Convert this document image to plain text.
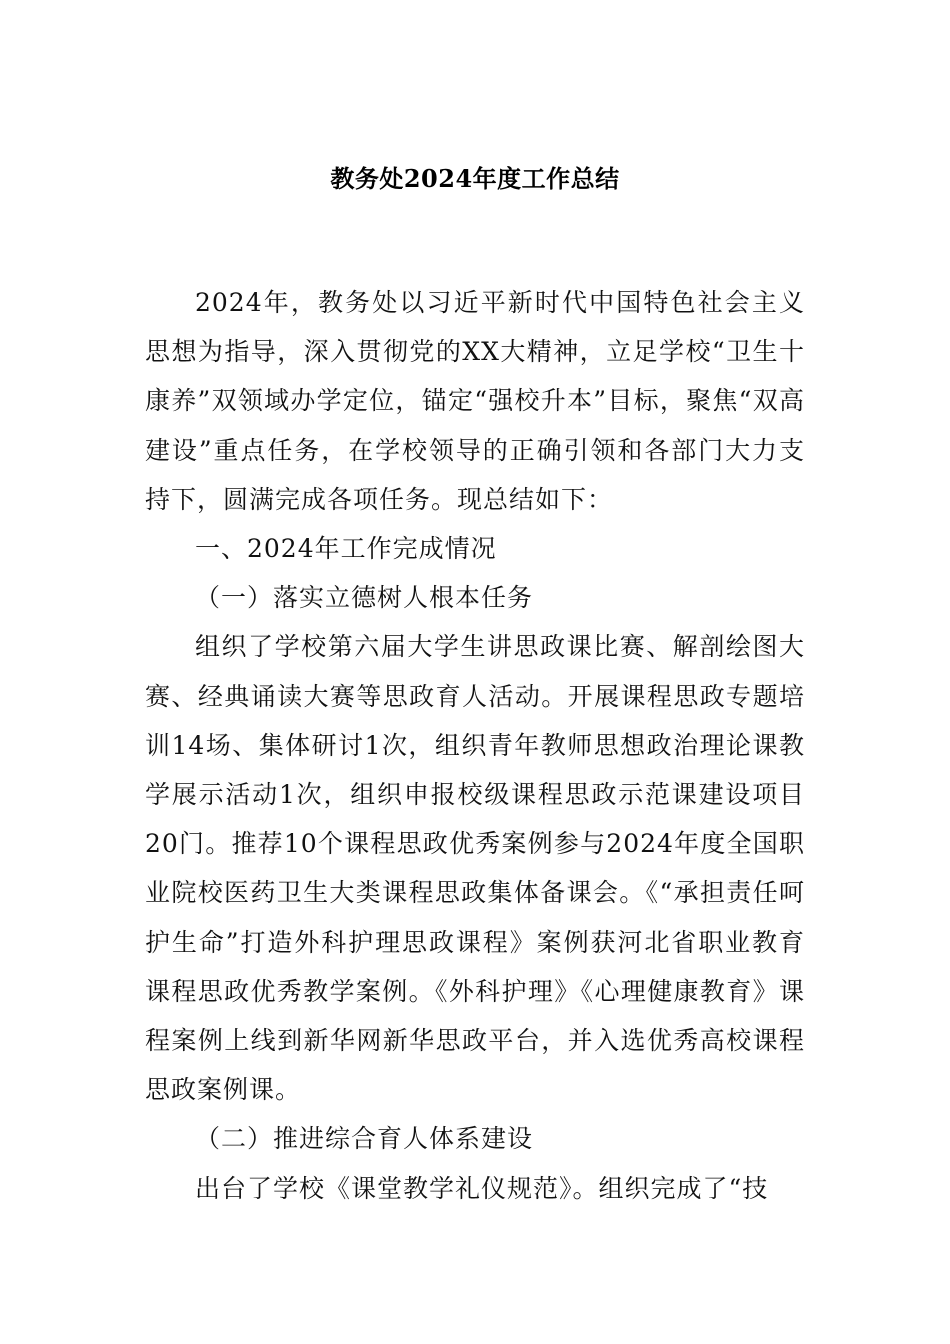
教务处2024年度工作总结

2024年，教务处以习近平新时代中国特色社会主义思想为指导，深入贯彻党的XX大精神，立足学校“卫生十康养”双领域办学定位，锚定“强校升本”目标，聚焦“双高建设”重点任务，在学校领导的正确引领和各部门大力支持下，圆满完成各项任务。现总结如下：

一、2024年工作完成情况

（一）落实立德树人根本任务

组织了学校第六届大学生讲思政课比赛、解剖绘图大赛、经典诵读大赛等思政育人活动。开展课程思政专题培训14场、集体研讨1次，组织青年教师思想政治理论课教学展示活动1次，组织申报校级课程思政示范课建设项目20门。推荐10个课程思政优秀案例参与2024年度全国职业院校医药卫生大类课程思政集体备课会。《“承担责任呵护生命”打造外科护理思政课程》案例获河北省职业教育课程思政优秀教学案例。《外科护理》《心理健康教育》课程案例上线到新华网新华思政平台，并入选优秀高校课程思政案例课。

（二）推进综合育人体系建设

出台了学校《课堂教学礼仪规范》。组织完成了“技
